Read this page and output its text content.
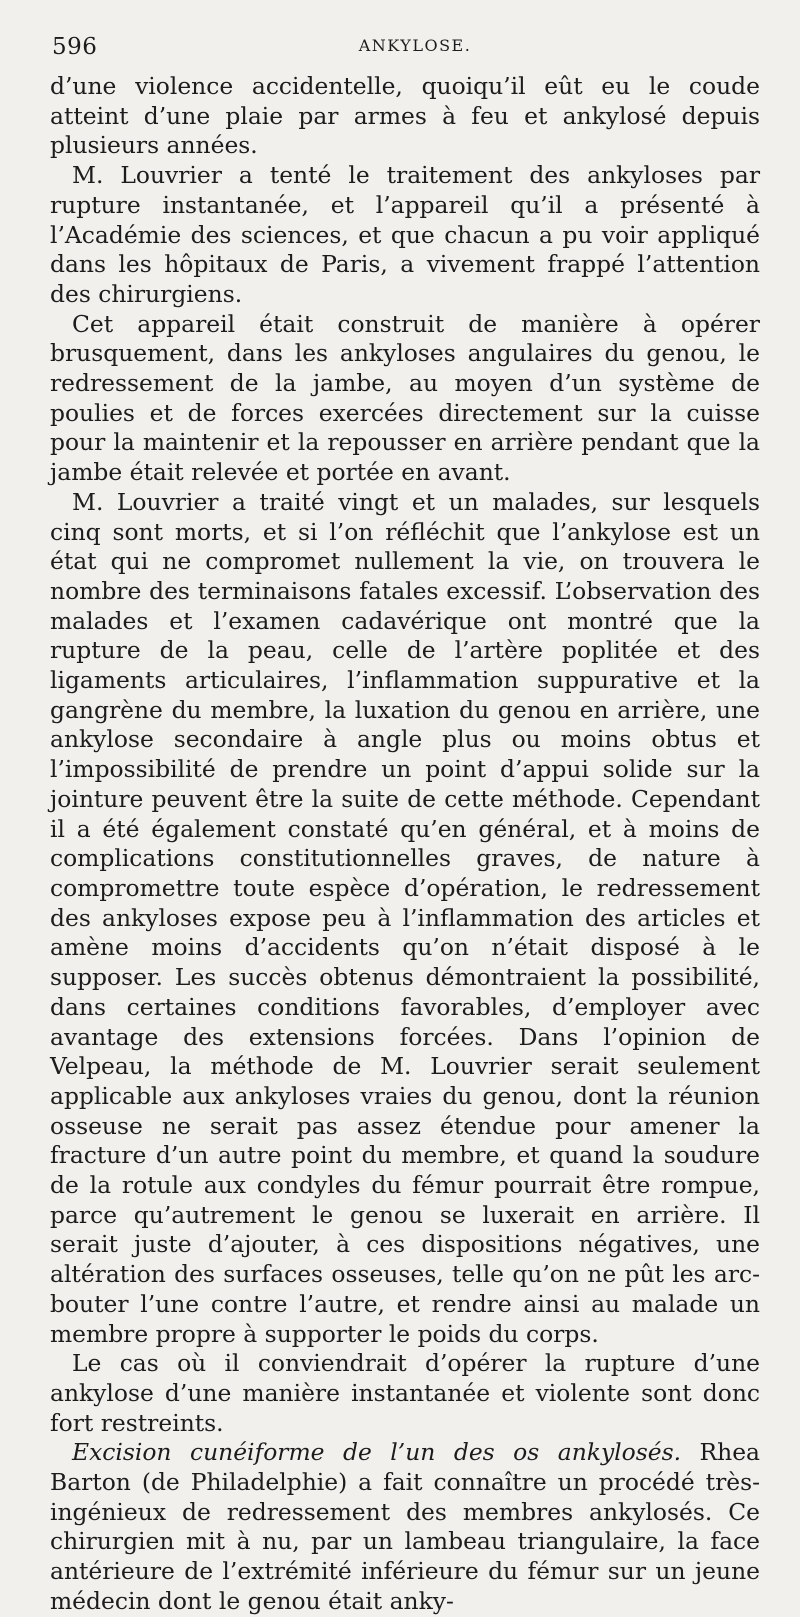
596	ANKYLOSE.

d’une violence accidentelle, quoiqu’il eût eu le coude atteint d’une plaie par armes à feu et ankylosé depuis plusieurs années.

M. Louvrier a tenté le traitement des ankyloses par rupture instantanée, et l’appareil qu’il a présenté à l’Académie des sciences, et que chacun a pu voir appliqué dans les hôpitaux de Paris, a vivement frappé l’attention des chirurgiens.

Cet appareil était construit de manière à opérer brusquement, dans les ankyloses angulaires du genou, le redressement de la jambe, au moyen d’un système de poulies et de forces exercées directement sur la cuisse pour la maintenir et la repousser en arrière pendant que la jambe était relevée et portée en avant.

M. Louvrier a traité vingt et un malades, sur lesquels cinq sont morts, et si l’on réfléchit que l’ankylose est un état qui ne compromet nullement la vie, on trouvera le nombre des terminaisons fatales excessif. L’observation des malades et l’examen cadavérique ont montré que la rupture de la peau, celle de l’artère poplitée et des ligaments articulaires, l’inflammation suppurative et la gangrène du membre, la luxation du genou en arrière, une ankylose secondaire à angle plus ou moins obtus et l’impossibilité de prendre un point d’appui solide sur la jointure peuvent être la suite de cette méthode. Cependant il a été également constaté qu’en général, et à moins de complications constitutionnelles graves, de nature à compromettre toute espèce d’opération, le redressement des ankyloses expose peu à l’inflammation des articles et amène moins d’accidents qu’on n’était disposé à le supposer. Les succès obtenus démontraient la possibilité, dans certaines conditions favorables, d’employer avec avantage des extensions forcées. Dans l’opinion de Velpeau, la méthode de M. Louvrier serait seulement applicable aux ankyloses vraies du genou, dont la réunion osseuse ne serait pas assez étendue pour amener la fracture d’un autre point du membre, et quand la soudure de la rotule aux condyles du fémur pourrait être rompue, parce qu’autrement le genou se luxerait en arrière. Il serait juste d’ajouter, à ces dispositions négatives, une altération des surfaces osseuses, telle qu’on ne pût les arc-bouter l’une contre l’autre, et rendre ainsi au malade un membre propre à supporter le poids du corps.

Le cas où il conviendrait d’opérer la rupture d’une ankylose d’une manière instantanée et violente sont donc fort restreints.

Excision cunéiforme de l’un des os ankylosés. Rhea Barton (de Philadelphie) a fait connaître un procédé très-ingénieux de redressement des membres ankylosés. Ce chirurgien mit à nu, par un lambeau triangulaire, la face antérieure de l’extrémité inférieure du fémur sur un jeune médecin dont le genou était anky-
